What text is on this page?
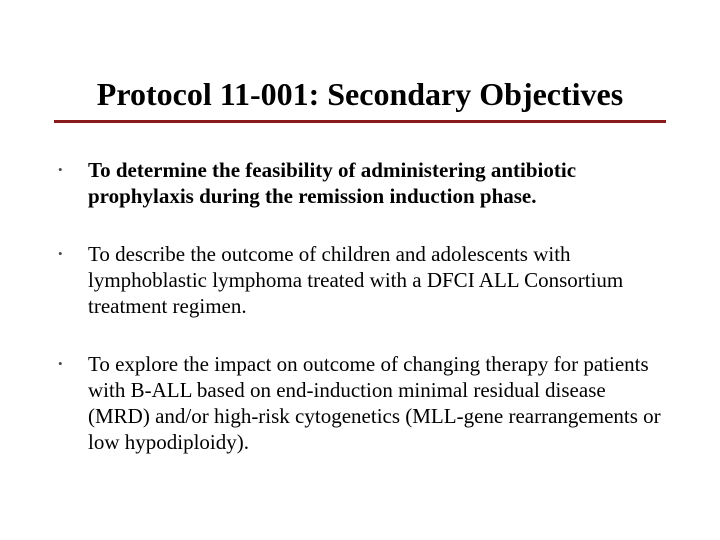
Protocol 11-001: Secondary Objectives
•	To determine the feasibility of administering antibiotic prophylaxis during the remission induction phase.
•	To describe the outcome of children and adolescents with lymphoblastic lymphoma treated with a DFCI ALL Consortium treatment regimen.
•	To explore the impact on outcome of changing therapy for patients with B-ALL based on end-induction minimal residual disease (MRD) and/or high-risk cytogenetics (MLL-gene rearrangements or low hypodiploidy).
